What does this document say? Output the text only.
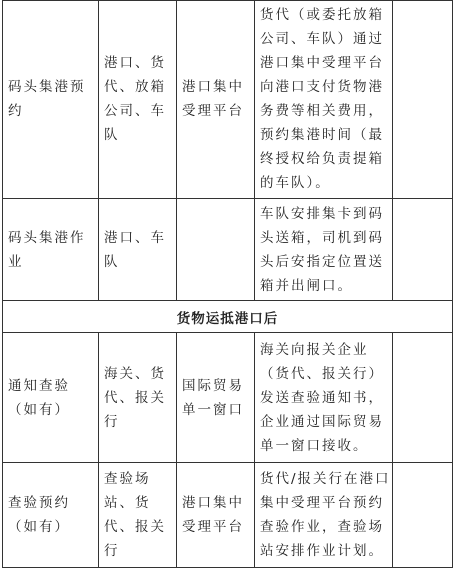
码头集港预约
港口、货代、放箱公司、车队
港口集中受理平台
货代（或委托放箱公司、车队）通过港口集中受理平台向港口支付货物港务费等相关费用，预约集港时间（最终授权给负责提箱的车队）。
码头集港作业
港口、车队
车队安排集卡到码头送箱，司机到码头后安指定位置送箱并出闸口。
货物运抵港口后
通知查验（如有）
海关、货代、报关行
国际贸易单一窗口
海关向报关企业（货代、报关行）发送查验通知书，企业通过国际贸易单一窗口接收。
查验预约（如有）
查验场站、货代、报关行
港口集中受理平台
货代/报关行在港口集中受理平台预约查验作业，查验场站安排作业计划。
